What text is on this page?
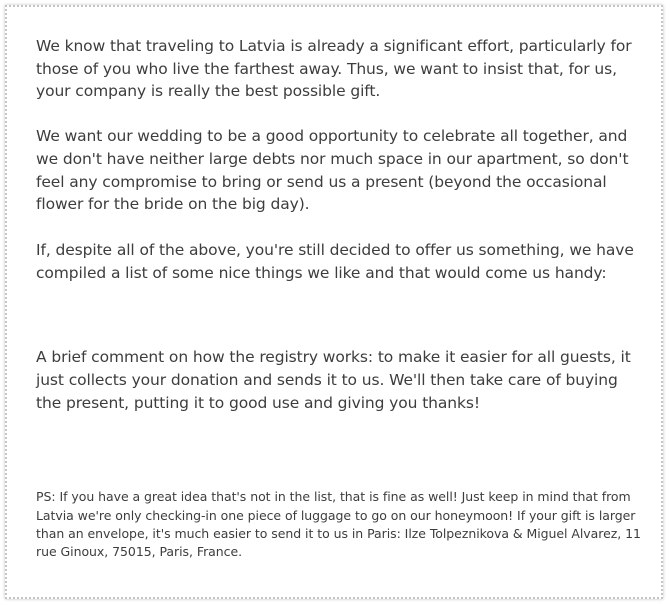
We know that traveling to Latvia is already a significant effort, particularly for those of you who live the farthest away. Thus, we want to insist that, for us, your company is really the best possible gift.

We want our wedding to be a good opportunity to celebrate all together, and we don't have neither large debts nor much space in our apartment, so don't feel any compromise to bring or send us a present (beyond the occasional flower for the bride on the big day).

If, despite all of the above, you're still decided to offer us something, we have compiled a list of some nice things we like and that would come us handy:

A brief comment on how the registry works: to make it easier for all guests, it just collects your donation and sends it to us. We'll then take care of buying the present, putting it to good use and giving you thanks!

PS: If you have a great idea that's not in the list, that is fine as well! Just keep in mind that from Latvia we're only checking-in one piece of luggage to go on our honeymoon! If your gift is larger than an envelope, it's much easier to send it to us in Paris: Ilze Tolpeznikova & Miguel Alvarez, 11 rue Ginoux, 75015, Paris, France.
